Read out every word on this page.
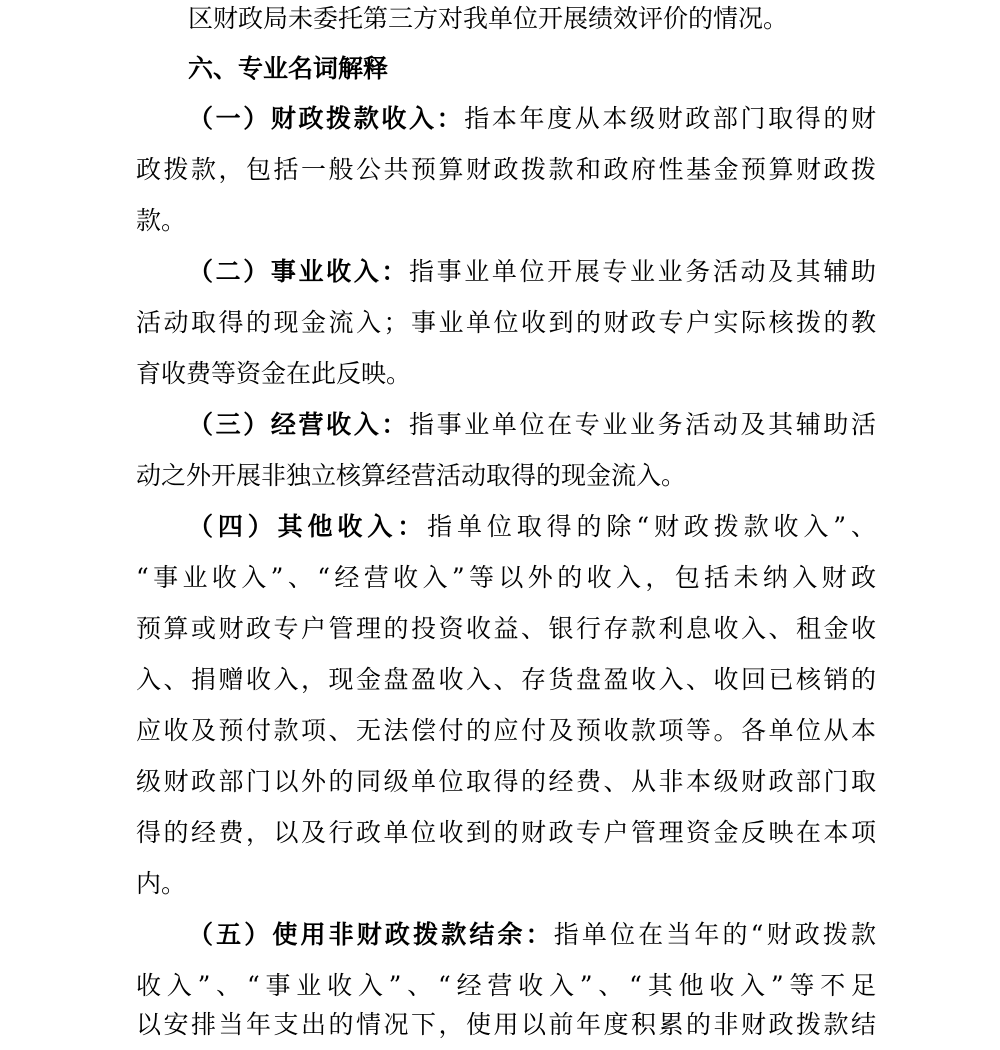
区财政局未委托第三方对我单位开展绩效评价的情况。
六、专业名词解释
（一）财政拨款收入：指本年度从本级财政部门取得的财
政拨款，包括一般公共预算财政拨款和政府性基金预算财政拨
款。
（二）事业收入：指事业单位开展专业业务活动及其辅助
活动取得的现金流入；事业单位收到的财政专户实际核拨的教
育收费等资金在此反映。
（三）经营收入：指事业单位在专业业务活动及其辅助活
动之外开展非独立核算经营活动取得的现金流入。
（四）其他收入：指单位取得的除“财政拨款收入”、
“事业收入”、“经营收入”等以外的收入，包括未纳入财政
预算或财政专户管理的投资收益、银行存款利息收入、租金收
入、捐赠收入，现金盘盈收入、存货盘盈收入、收回已核销的
应收及预付款项、无法偿付的应付及预收款项等。各单位从本
级财政部门以外的同级单位取得的经费、从非本级财政部门取
得的经费，以及行政单位收到的财政专户管理资金反映在本项
内。
（五）使用非财政拨款结余：指单位在当年的“财政拨款
收入”、“事业收入”、“经营收入”、“其他收入”等不足
以安排当年支出的情况下，使用以前年度积累的非财政拨款结
